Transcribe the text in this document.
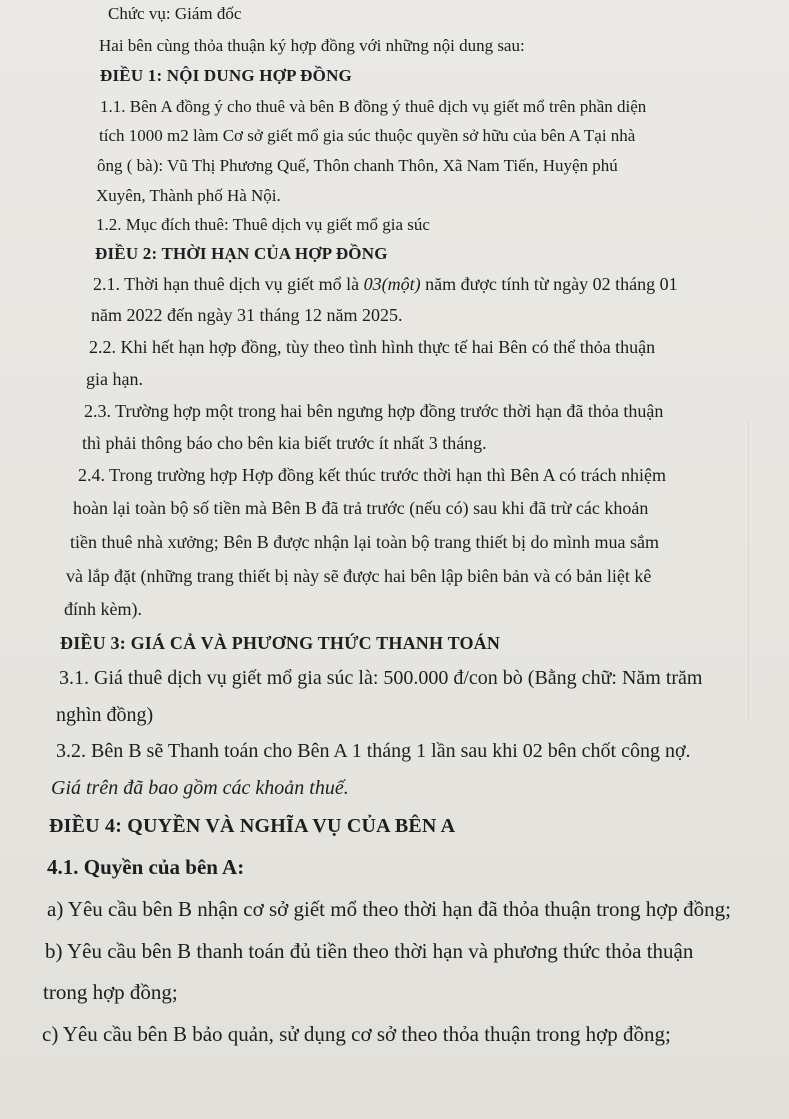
Chức vụ: Giám đốc
Hai bên cùng thỏa thuận ký hợp đồng với những nội dung sau:
ĐIỀU 1: NỘI DUNG HỢP ĐỒNG
1.1. Bên A đồng ý cho thuê và bên B đồng ý thuê dịch vụ giết mổ trên phần diện
tích 1000 m2 làm Cơ sở giết mổ gia súc thuộc quyền sở hữu của bên A Tại nhà
ông ( bà): Vũ Thị Phương Quế, Thôn chanh Thôn, Xã Nam Tiến, Huyện phú
Xuyên, Thành phố Hà Nội.
1.2. Mục đích thuê: Thuê dịch vụ giết mổ gia súc
ĐIỀU 2: THỜI HẠN CỦA HỢP ĐỒNG
2.1. Thời hạn thuê dịch vụ giết mổ là 03(một) năm được tính từ ngày 02 tháng 01
năm 2022 đến ngày 31 tháng 12 năm 2025.
2.2. Khi hết hạn hợp đồng, tùy theo tình hình thực tế hai Bên có thể thỏa thuận
gia hạn.
2.3. Trường hợp một trong hai bên ngưng hợp đồng trước thời hạn đã thỏa thuận
thì phải thông báo cho bên kia biết trước ít nhất 3 tháng.
2.4. Trong trường hợp Hợp đồng kết thúc trước thời hạn thì Bên A có trách nhiệm
hoàn lại toàn bộ số tiền mà Bên B đã trả trước (nếu có) sau khi đã trừ các khoản
tiền thuê nhà xưởng; Bên B được nhận lại toàn bộ trang thiết bị do mình mua sắm
và lắp đặt (những trang thiết bị này sẽ được hai bên lập biên bản và có bản liệt kê
đính kèm).
ĐIỀU 3: GIÁ CẢ VÀ PHƯƠNG THỨC THANH TOÁN
3.1. Giá thuê dịch vụ giết mổ gia súc là: 500.000 đ/con bò (Bằng chữ: Năm trăm
nghìn đồng)
3.2. Bên B sẽ Thanh toán cho Bên A 1 tháng 1 lần sau khi 02 bên chốt công nợ.
Giá trên đã bao gồm các khoản thuế.
ĐIỀU 4: QUYỀN VÀ NGHĨA VỤ CỦA BÊN A
4.1. Quyền của bên A:
a) Yêu cầu bên B nhận cơ sở giết mổ theo thời hạn đã thỏa thuận trong hợp đồng;
b) Yêu cầu bên B thanh toán đủ tiền theo thời hạn và phương thức thỏa thuận
trong hợp đồng;
c) Yêu cầu bên B bảo quản, sử dụng cơ sở theo thỏa thuận trong hợp đồng;
